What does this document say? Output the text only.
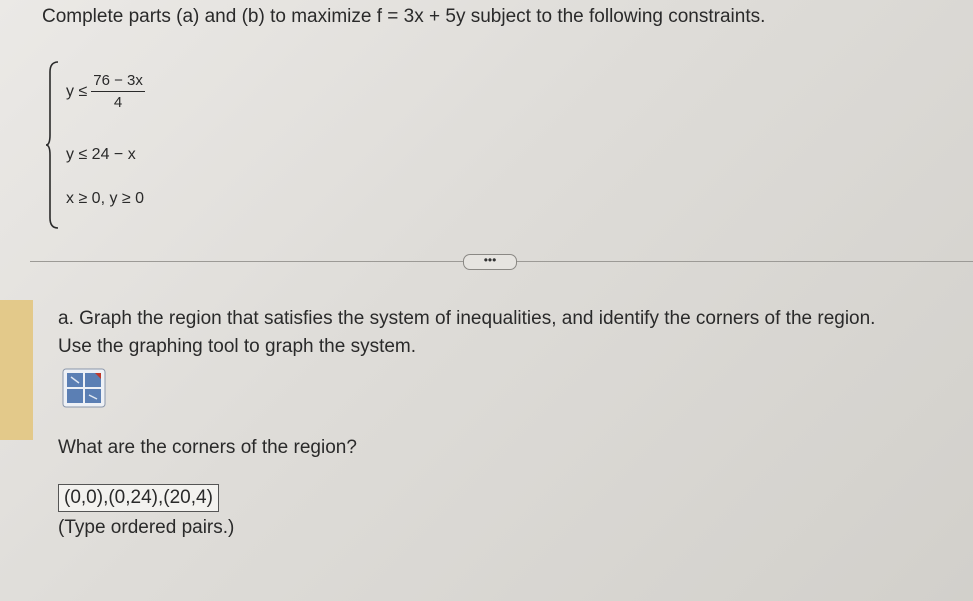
Complete parts (a) and (b) to maximize f = 3x + 5y subject to the following constraints.
$y \le \frac{76 - 3x}{4}$
y ≤ 24 − x
x ≥ 0, y ≥ 0
•••
a. Graph the region that satisfies the system of inequalities, and identify the corners of the region.
Use the graphing tool to graph the system.
What are the corners of the region?
(0,0),(0,24),(20,4)
(Type ordered pairs.)
